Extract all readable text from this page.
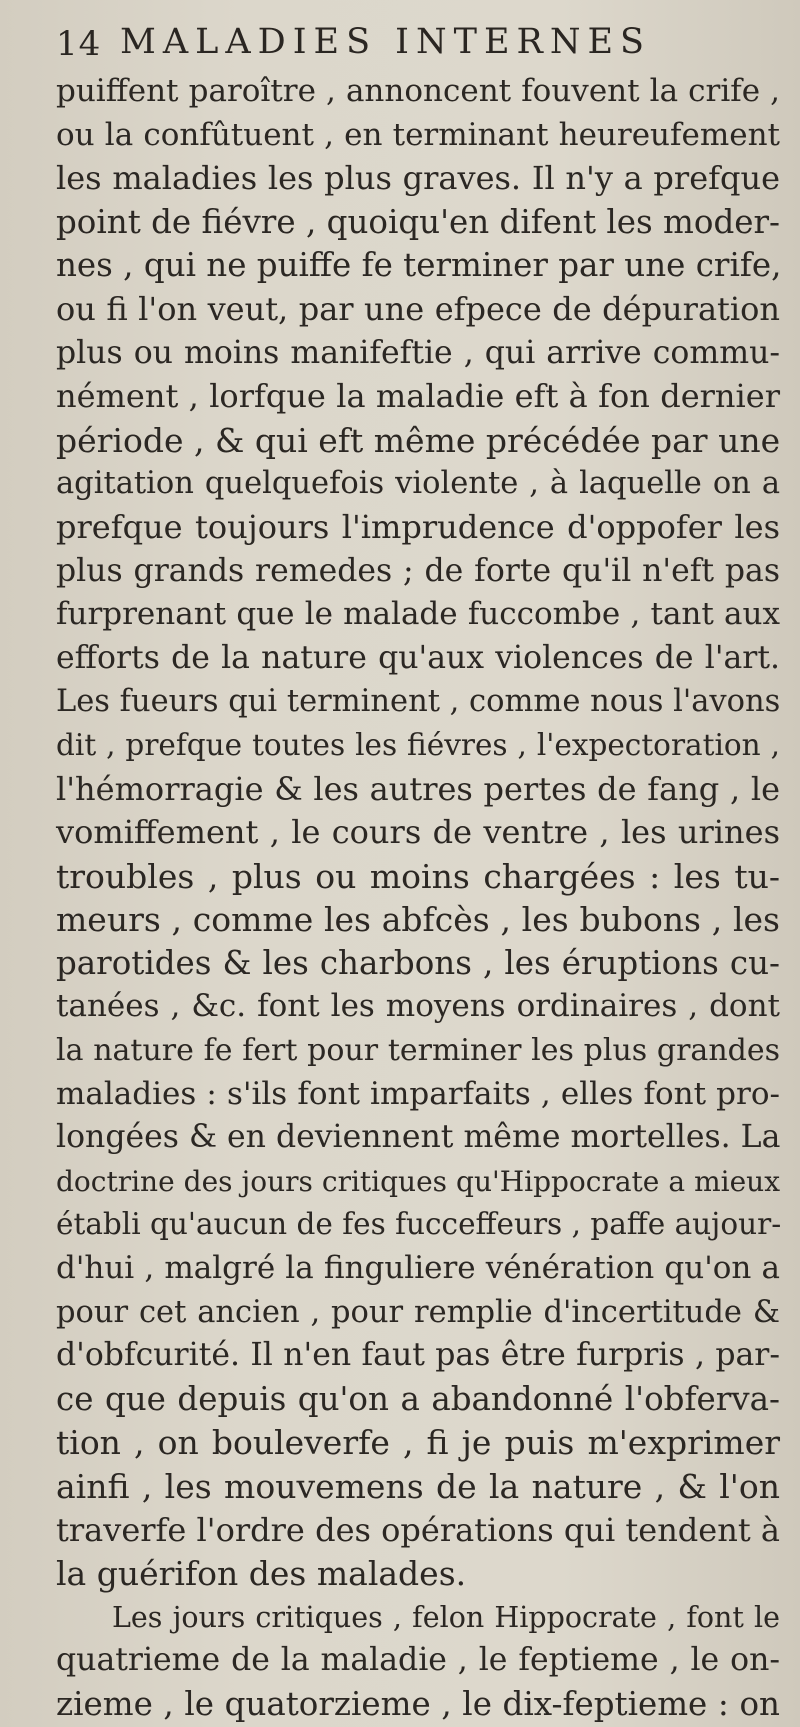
14 MALADIES INTERNES
puiffent paroître , annoncent fouvent la crife ,
ou la confûtuent , en terminant heureufement
les maladies les plus graves. Il n'y a prefque
point de fiévre , quoiqu'en difent les moder-
nes , qui ne puiffe fe terminer par une crife,
ou fi l'on veut, par une efpece de dépuration
plus ou moins manifeftie , qui arrive commu-
nément , lorfque la maladie eft à fon dernier
période , & qui eft même précédée par une
agitation quelquefois violente , à laquelle on a
prefque toujours l'imprudence d'oppofer les
plus grands remedes ; de forte qu'il n'eft pas
furprenant que le malade fuccombe , tant aux
efforts de la nature qu'aux violences de l'art.
Les fueurs qui terminent , comme nous l'avons
dit , prefque toutes les fiévres , l'expectoration ,
l'hémorragie & les autres pertes de fang , le
vomiffement , le cours de ventre , les urines
troubles , plus ou moins chargées : les tu-
meurs , comme les abfcès , les bubons , les
parotides & les charbons , les éruptions cu-
tanées , &c. font les moyens ordinaires , dont
la nature fe fert pour terminer les plus grandes
maladies : s'ils font imparfaits , elles font pro-
longées & en deviennent même mortelles. La
doctrine des jours critiques qu'Hippocrate a mieux
établi qu'aucun de fes fucceffeurs , paffe aujour-
d'hui , malgré la finguliere vénération qu'on a
pour cet ancien , pour remplie d'incertitude &
d'obfcurité. Il n'en faut pas être furpris , par-
ce que depuis qu'on a abandonné l'obferva-
tion , on bouleverfe , fi je puis m'exprimer
ainfi , les mouvemens de la nature , & l'on
traverfe l'ordre des opérations qui tendent à
la guérifon des malades.
Les jours critiques , felon Hippocrate , font le
quatrieme de la maladie , le feptieme , le on-
zieme , le quatorzieme , le dix-feptieme : on
